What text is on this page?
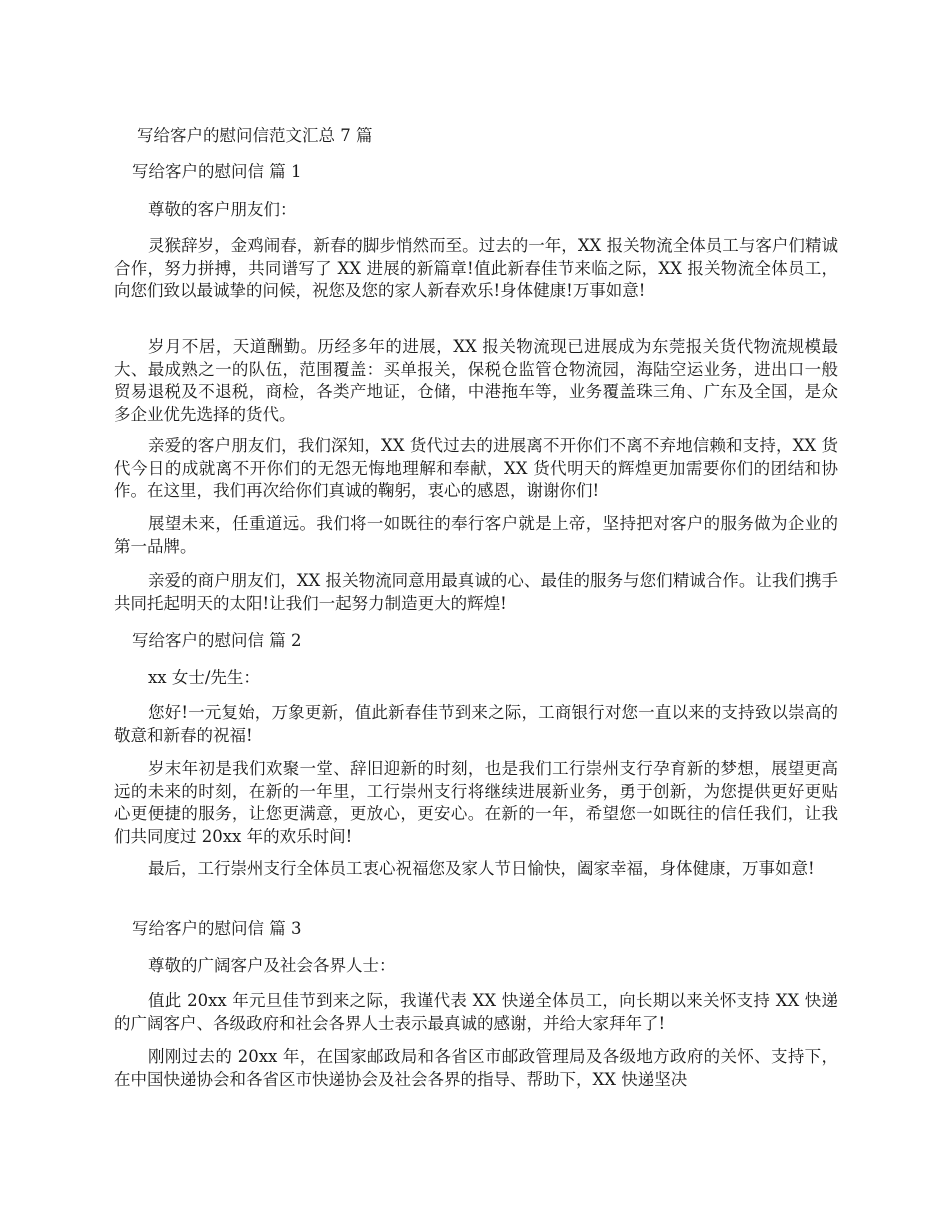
写给客户的慰问信范文汇总 7 篇
写给客户的慰问信 篇 1
尊敬的客户朋友们：

灵猴辞岁，金鸡闹春，新春的脚步悄然而至。过去的一年，XX 报关物流全体员工与客户们精诚合作，努力拼搏，共同谱写了 XX 进展的新篇章!值此新春佳节来临之际，XX 报关物流全体员工，向您们致以最诚挚的问候，祝您及您的家人新春欢乐!身体健康!万事如意!

岁月不居，天道酬勤。历经多年的进展，XX 报关物流现已进展成为东莞报关货代物流规模最大、最成熟之一的队伍，范围覆盖：买单报关，保税仓监管仓物流园，海陆空运业务，进出口一般贸易退税及不退税，商检，各类产地证，仓储，中港拖车等，业务覆盖珠三角、广东及全国，是众多企业优先选择的货代。

亲爱的客户朋友们，我们深知，XX 货代过去的进展离不开你们不离不弃地信赖和支持，XX 货代今日的成就离不开你们的无怨无悔地理解和奉献，XX 货代明天的辉煌更加需要你们的团结和协作。在这里，我们再次给你们真诚的鞠躬，衷心的感恩，谢谢你们!

展望未来，任重道远。我们将一如既往的奉行客户就是上帝，坚持把对客户的服务做为企业的第一品牌。

亲爱的商户朋友们，XX 报关物流同意用最真诚的心、最佳的服务与您们精诚合作。让我们携手共同托起明天的太阳!让我们一起努力制造更大的辉煌!

写给客户的慰问信 篇 2
xx 女士/先生：

您好!一元复始，万象更新，值此新春佳节到来之际，工商银行对您一直以来的支持致以崇高的敬意和新春的祝福!

岁末年初是我们欢聚一堂、辞旧迎新的时刻，也是我们工行崇州支行孕育新的梦想，展望更高远的未来的时刻，在新的一年里，工行崇州支行将继续进展新业务，勇于创新，为您提供更好更贴心更便捷的服务，让您更满意，更放心，更安心。在新的一年，希望您一如既往的信任我们，让我们共同度过 20xx 年的欢乐时间!

最后，工行崇州支行全体员工衷心祝福您及家人节日愉快，阖家幸福，身体健康，万事如意!

写给客户的慰问信 篇 3
尊敬的广阔客户及社会各界人士：

值此 20xx 年元旦佳节到来之际，我谨代表 XX 快递全体员工，向长期以来关怀支持 XX 快递的广阔客户、各级政府和社会各界人士表示最真诚的感谢，并给大家拜年了!

刚刚过去的 20xx 年，在国家邮政局和各省区市邮政管理局及各级地方政府的关怀、支持下，在中国快递协会和各省区市快递协会及社会各界的指导、帮助下，XX 快递坚决
